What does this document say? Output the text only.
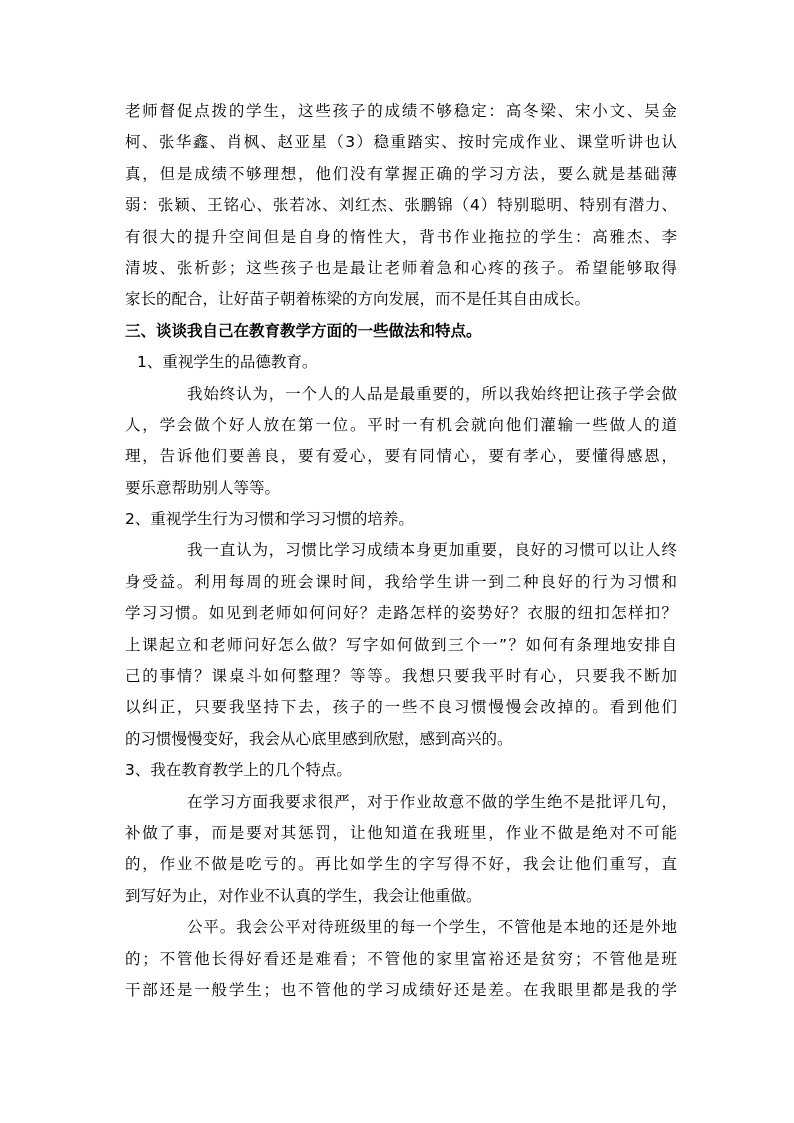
老师督促点拨的学生，这些孩子的成绩不够稳定：高冬梁、宋小文、吴金
柯、张华鑫、肖枫、赵亚星（3）稳重踏实、按时完成作业、课堂听讲也认
真，但是成绩不够理想，他们没有掌握正确的学习方法，要么就是基础薄
弱：张颖、王铭心、张若冰、刘红杰、张鹏锦（4）特别聪明、特别有潜力、
有很大的提升空间但是自身的惰性大，背书作业拖拉的学生：高雅杰、李
清坡、张析彭；这些孩子也是最让老师着急和心疼的孩子。希望能够取得
家长的配合，让好苗子朝着栋梁的方向发展，而不是任其自由成长。
三、谈谈我自己在教育教学方面的一些做法和特点。
1、重视学生的品德教育。
我始终认为，一个人的人品是最重要的，所以我始终把让孩子学会做
人，学会做个好人放在第一位。平时一有机会就向他们灌输一些做人的道
理，告诉他们要善良，要有爱心，要有同情心，要有孝心，要懂得感恩，
要乐意帮助别人等等。
2、重视学生行为习惯和学习习惯的培养。
我一直认为，习惯比学习成绩本身更加重要，良好的习惯可以让人终
身受益。利用每周的班会课时间，我给学生讲一到二种良好的行为习惯和
学习习惯。如见到老师如何问好？走路怎样的姿势好？衣服的纽扣怎样扣？
上课起立和老师问好怎么做？写字如何做到三个一”？如何有条理地安排自
己的事情？课桌斗如何整理？等等。我想只要我平时有心，只要我不断加
以纠正，只要我坚持下去，孩子的一些不良习惯慢慢会改掉的。看到他们
的习惯慢慢变好，我会从心底里感到欣慰，感到高兴的。
3、我在教育教学上的几个特点。
在学习方面我要求很严，对于作业故意不做的学生绝不是批评几句，
补做了事，而是要对其惩罚，让他知道在我班里，作业不做是绝对不可能
的，作业不做是吃亏的。再比如学生的字写得不好，我会让他们重写，直
到写好为止，对作业不认真的学生，我会让他重做。
公平。我会公平对待班级里的每一个学生，不管他是本地的还是外地
的；不管他长得好看还是难看；不管他的家里富裕还是贫穷；不管他是班
干部还是一般学生；也不管他的学习成绩好还是差。在我眼里都是我的学
